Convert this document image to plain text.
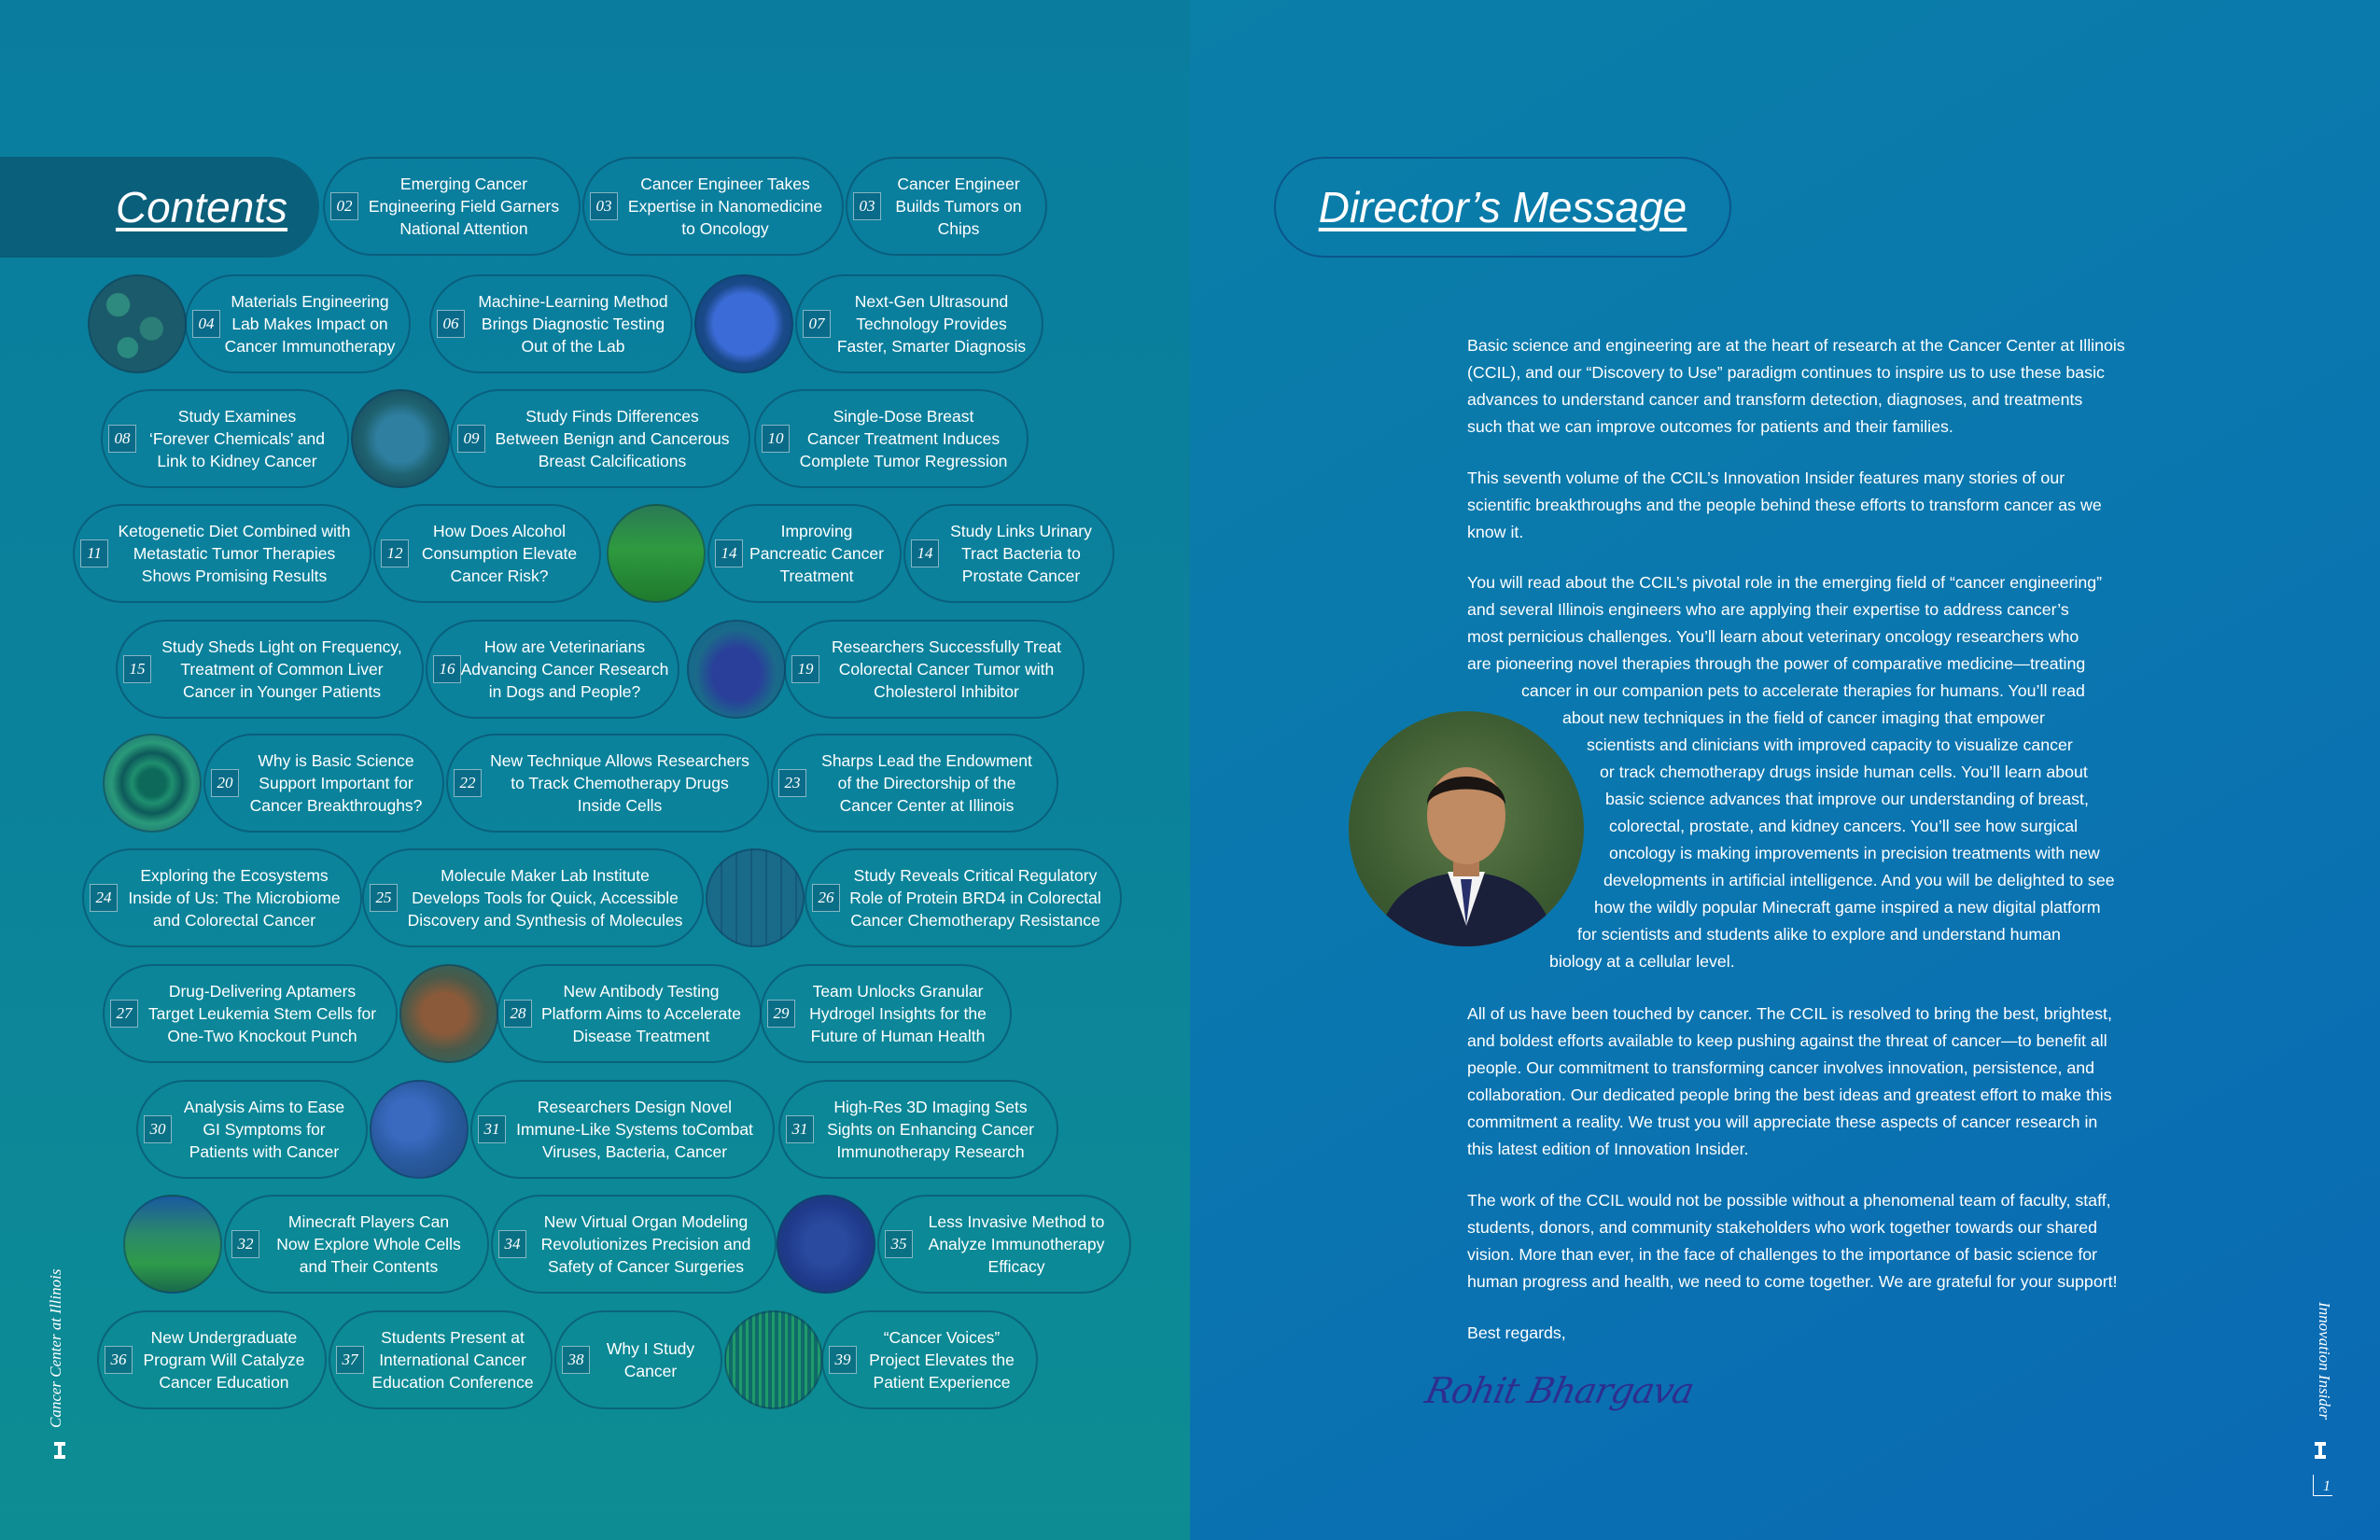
Contents	02
Emerging Cancer
Engineering Field Garners
National Attention
03
Cancer Engineer Takes
Expertise in Nanomedicine
to Oncology
03
Cancer Engineer
Builds Tumors on
Chips
04
Materials Engineering
Lab Makes Impact on
Cancer Immunotherapy
06
Machine-Learning Method
Brings Diagnostic Testing
Out of the Lab
07
Next-Gen Ultrasound
Technology Provides
Faster, Smarter Diagnosis
08
Study Examines
‘Forever Chemicals’ and
Link to Kidney Cancer
09
Study Finds Differences
Between Benign and Cancerous
Breast Calcifications
10
Single-Dose Breast
Cancer Treatment Induces
Complete Tumor Regression
11
Ketogenetic Diet Combined with
Metastatic Tumor Therapies
Shows Promising Results
12
How Does Alcohol
Consumption Elevate
Cancer Risk?
14
Improving
Pancreatic Cancer
Treatment
14
Study Links Urinary
Tract Bacteria to
Prostate Cancer
15
Study Sheds Light on Frequency,
Treatment of Common Liver
Cancer in Younger Patients
16
How are Veterinarians
Advancing Cancer Research
in Dogs and People?
19
Researchers Successfully Treat
Colorectal Cancer Tumor with
Cholesterol Inhibitor
20
Why is Basic Science
Support Important for
Cancer Breakthroughs?
22
New Technique Allows Researchers
to Track Chemotherapy Drugs
Inside Cells
23
Sharps Lead the Endowment
of the Directorship of the
Cancer Center at Illinois
24
Exploring the Ecosystems
Inside of Us: The Microbiome
and Colorectal Cancer
25
Molecule Maker Lab Institute
Develops Tools for Quick, Accessible
Discovery and Synthesis of Molecules
26
Study Reveals Critical Regulatory
Role of Protein BRD4 in Colorectal
Cancer Chemotherapy Resistance
27
Drug-Delivering Aptamers
Target Leukemia Stem Cells for
One-Two Knockout Punch
28
New Antibody Testing
Platform Aims to Accelerate
Disease Treatment
29
Team Unlocks Granular
Hydrogel Insights for the
Future of Human Health
30
Analysis Aims to Ease
GI Symptoms for
Patients with Cancer
31
Researchers Design Novel
Immune-Like Systems toCombat
Viruses, Bacteria, Cancer
31
High-Res 3D Imaging Sets
Sights on Enhancing Cancer
Immunotherapy Research
32
Minecraft Players Can
Now Explore Whole Cells
and Their Contents
34
New Virtual Organ Modeling
Revolutionizes Precision and
Safety of Cancer Surgeries
35
Less Invasive Method to
Analyze Immunotherapy
Efficacy
36
New Undergraduate
Program Will Catalyze
Cancer Education
37
Students Present at
International Cancer
Education Conference
38
Why I Study
Cancer
39
“Cancer Voices”
Project Elevates the
Patient Experience
Cancer Center at Illinois
Director’s Message
Basic science and engineering are at the heart of research at the Cancer Center at Illinois
(CCIL), and our “Discovery to Use” paradigm continues to inspire us to use these basic
advances to understand cancer and transform detection, diagnoses, and treatments
such that we can improve outcomes for patients and their families.
This seventh volume of the CCIL’s Innovation Insider features many stories of our
scientific breakthroughs and the people behind these efforts to transform cancer as we
know it.
You will read about the CCIL’s pivotal role in the emerging field of “cancer engineering”
and several Illinois engineers who are applying their expertise to address cancer’s
most pernicious challenges. You’ll learn about veterinary oncology researchers who
are pioneering novel therapies through the power of comparative medicine—treating
cancer in our companion pets to accelerate therapies for humans. You’ll read
about new techniques in the field of cancer imaging that empower
scientists and clinicians with improved capacity to visualize cancer
or track chemotherapy drugs inside human cells. You’ll learn about
basic science advances that improve our understanding of breast,
colorectal, prostate, and kidney cancers. You’ll see how surgical
oncology is making improvements in precision treatments with new
developments in artificial intelligence. And you will be delighted to see
how the wildly popular Minecraft game inspired a new digital platform
for scientists and students alike to explore and understand human
biology at a cellular level.
All of us have been touched by cancer. The CCIL is resolved to bring the best, brightest,
and boldest efforts available to keep pushing against the threat of cancer—to benefit all
people. Our commitment to transforming cancer involves innovation, persistence, and
collaboration. Our dedicated people bring the best ideas and greatest effort to make this
commitment a reality. We trust you will appreciate these aspects of cancer research in
this latest edition of Innovation Insider.
The work of the CCIL would not be possible without a phenomenal team of faculty, staff,
students, donors, and community stakeholders who work together towards our shared
vision. More than ever, in the face of challenges to the importance of basic science for
human progress and health, we need to come together. We are grateful for your support!
Best regards,
Rohit Bhargava	Innovation Insider
1
